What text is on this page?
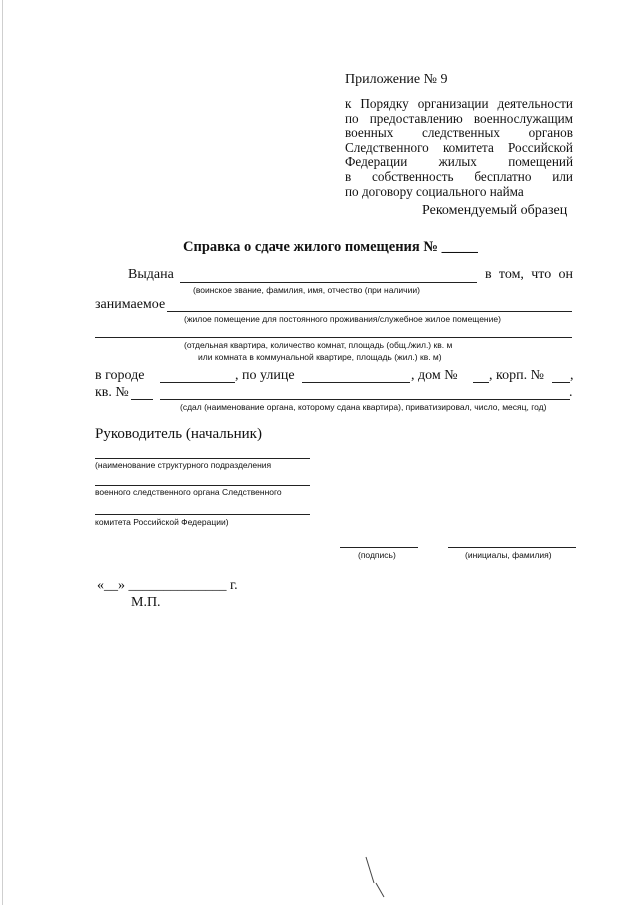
Приложение № 9
к Порядку организации деятельности
по предоставлению военнослужащим
военных следственных органов
Следственного комитета Российской
Федерации жилых помещений
в собственность бесплатно или
по договору социального найма
Рекомендуемый образец
Справка о сдаче жилого помещения № _____
Выдана	в том, что он
(воинское звание, фамилия, имя, отчество (при наличии)
занимаемое
(жилое помещение для постоянного проживания/служебное жилое помещение)
(отдельная квартира, количество комнат, площадь (общ./жил.) кв. м
или комната в коммунальной квартире, площадь (жил.) кв. м)
в городе	, по улице	, дом № , корп. № ,
кв. №	.
(сдал (наименование органа, которому сдана квартира), приватизировал, число, месяц, год)
Руководитель (начальник)
(наименование структурного подразделения
военного следственного органа Следственного
комитета Российской Федерации)
(подпись)	(инициалы, фамилия)
«__» ______________ г.
М.П.
